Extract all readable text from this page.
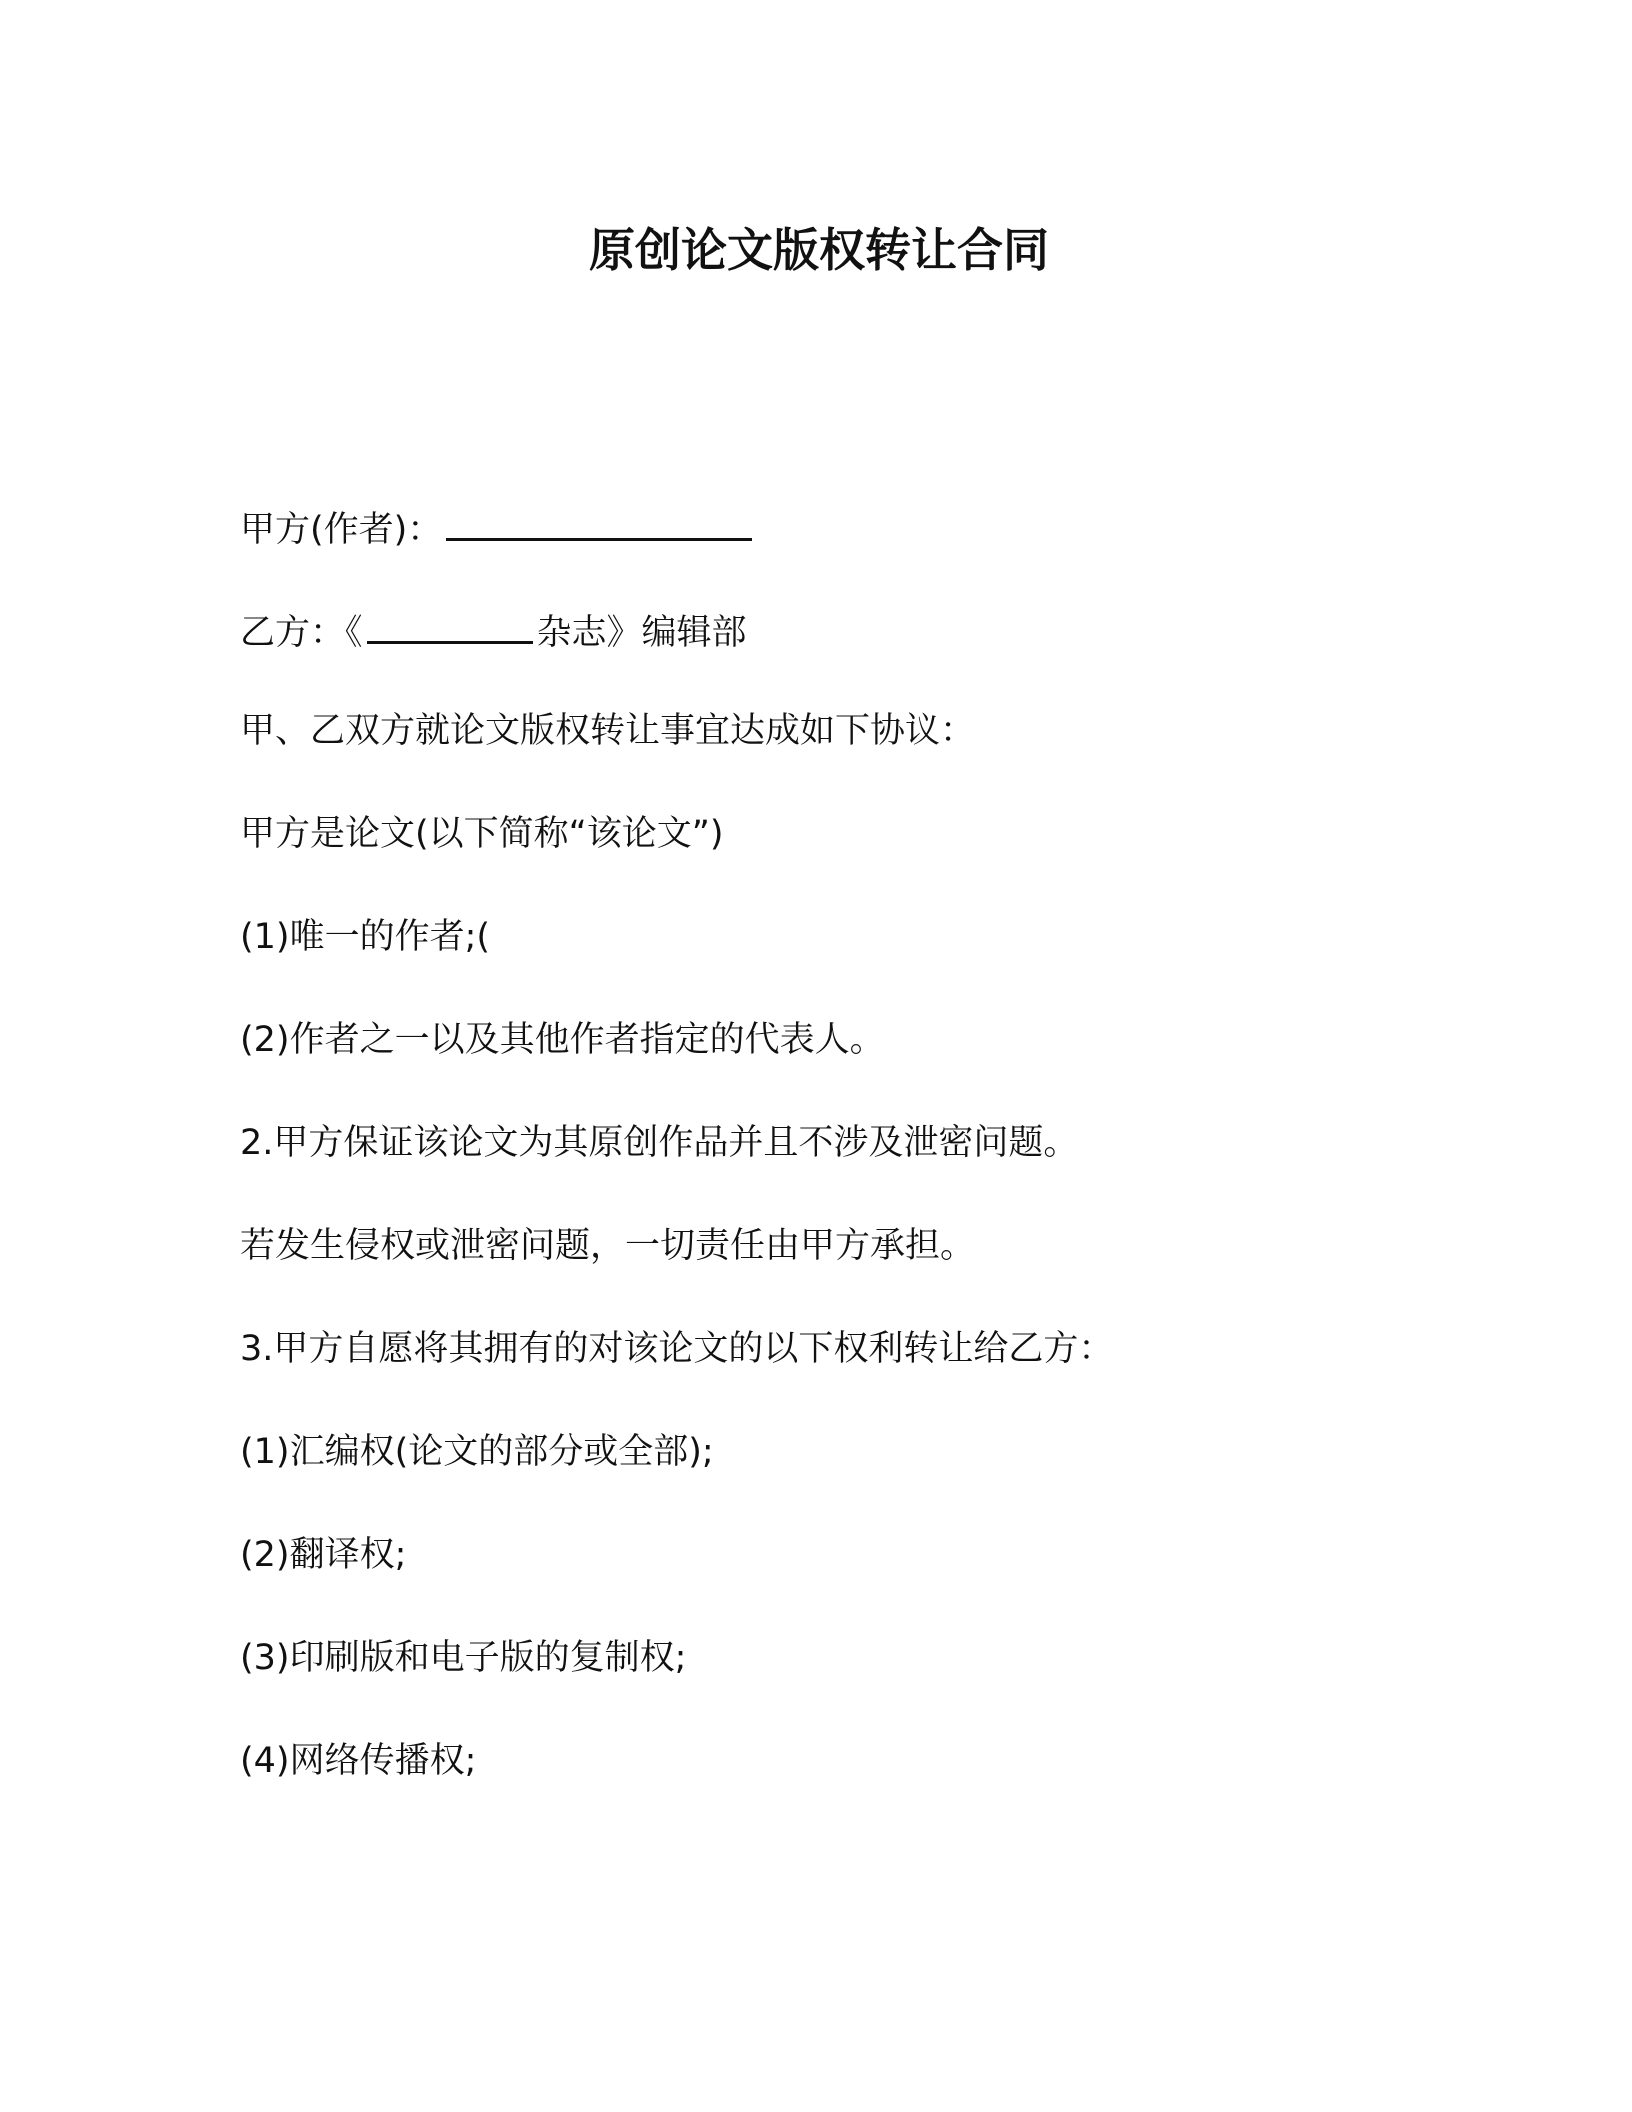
原创论文版权转让合同
甲方(作者)：
乙方：《	杂志》编辑部
甲、乙双方就论文版权转让事宜达成如下协议：
甲方是论文(以下简称“该论文”)
(1)唯一的作者;(
(2)作者之一以及其他作者指定的代表人。
2.甲方保证该论文为其原创作品并且不涉及泄密问题。
若发生侵权或泄密问题，一切责任由甲方承担。
3.甲方自愿将其拥有的对该论文的以下权利转让给乙方：
(1)汇编权(论文的部分或全部);
(2)翻译权;
(3)印刷版和电子版的复制权;
(4)网络传播权;
